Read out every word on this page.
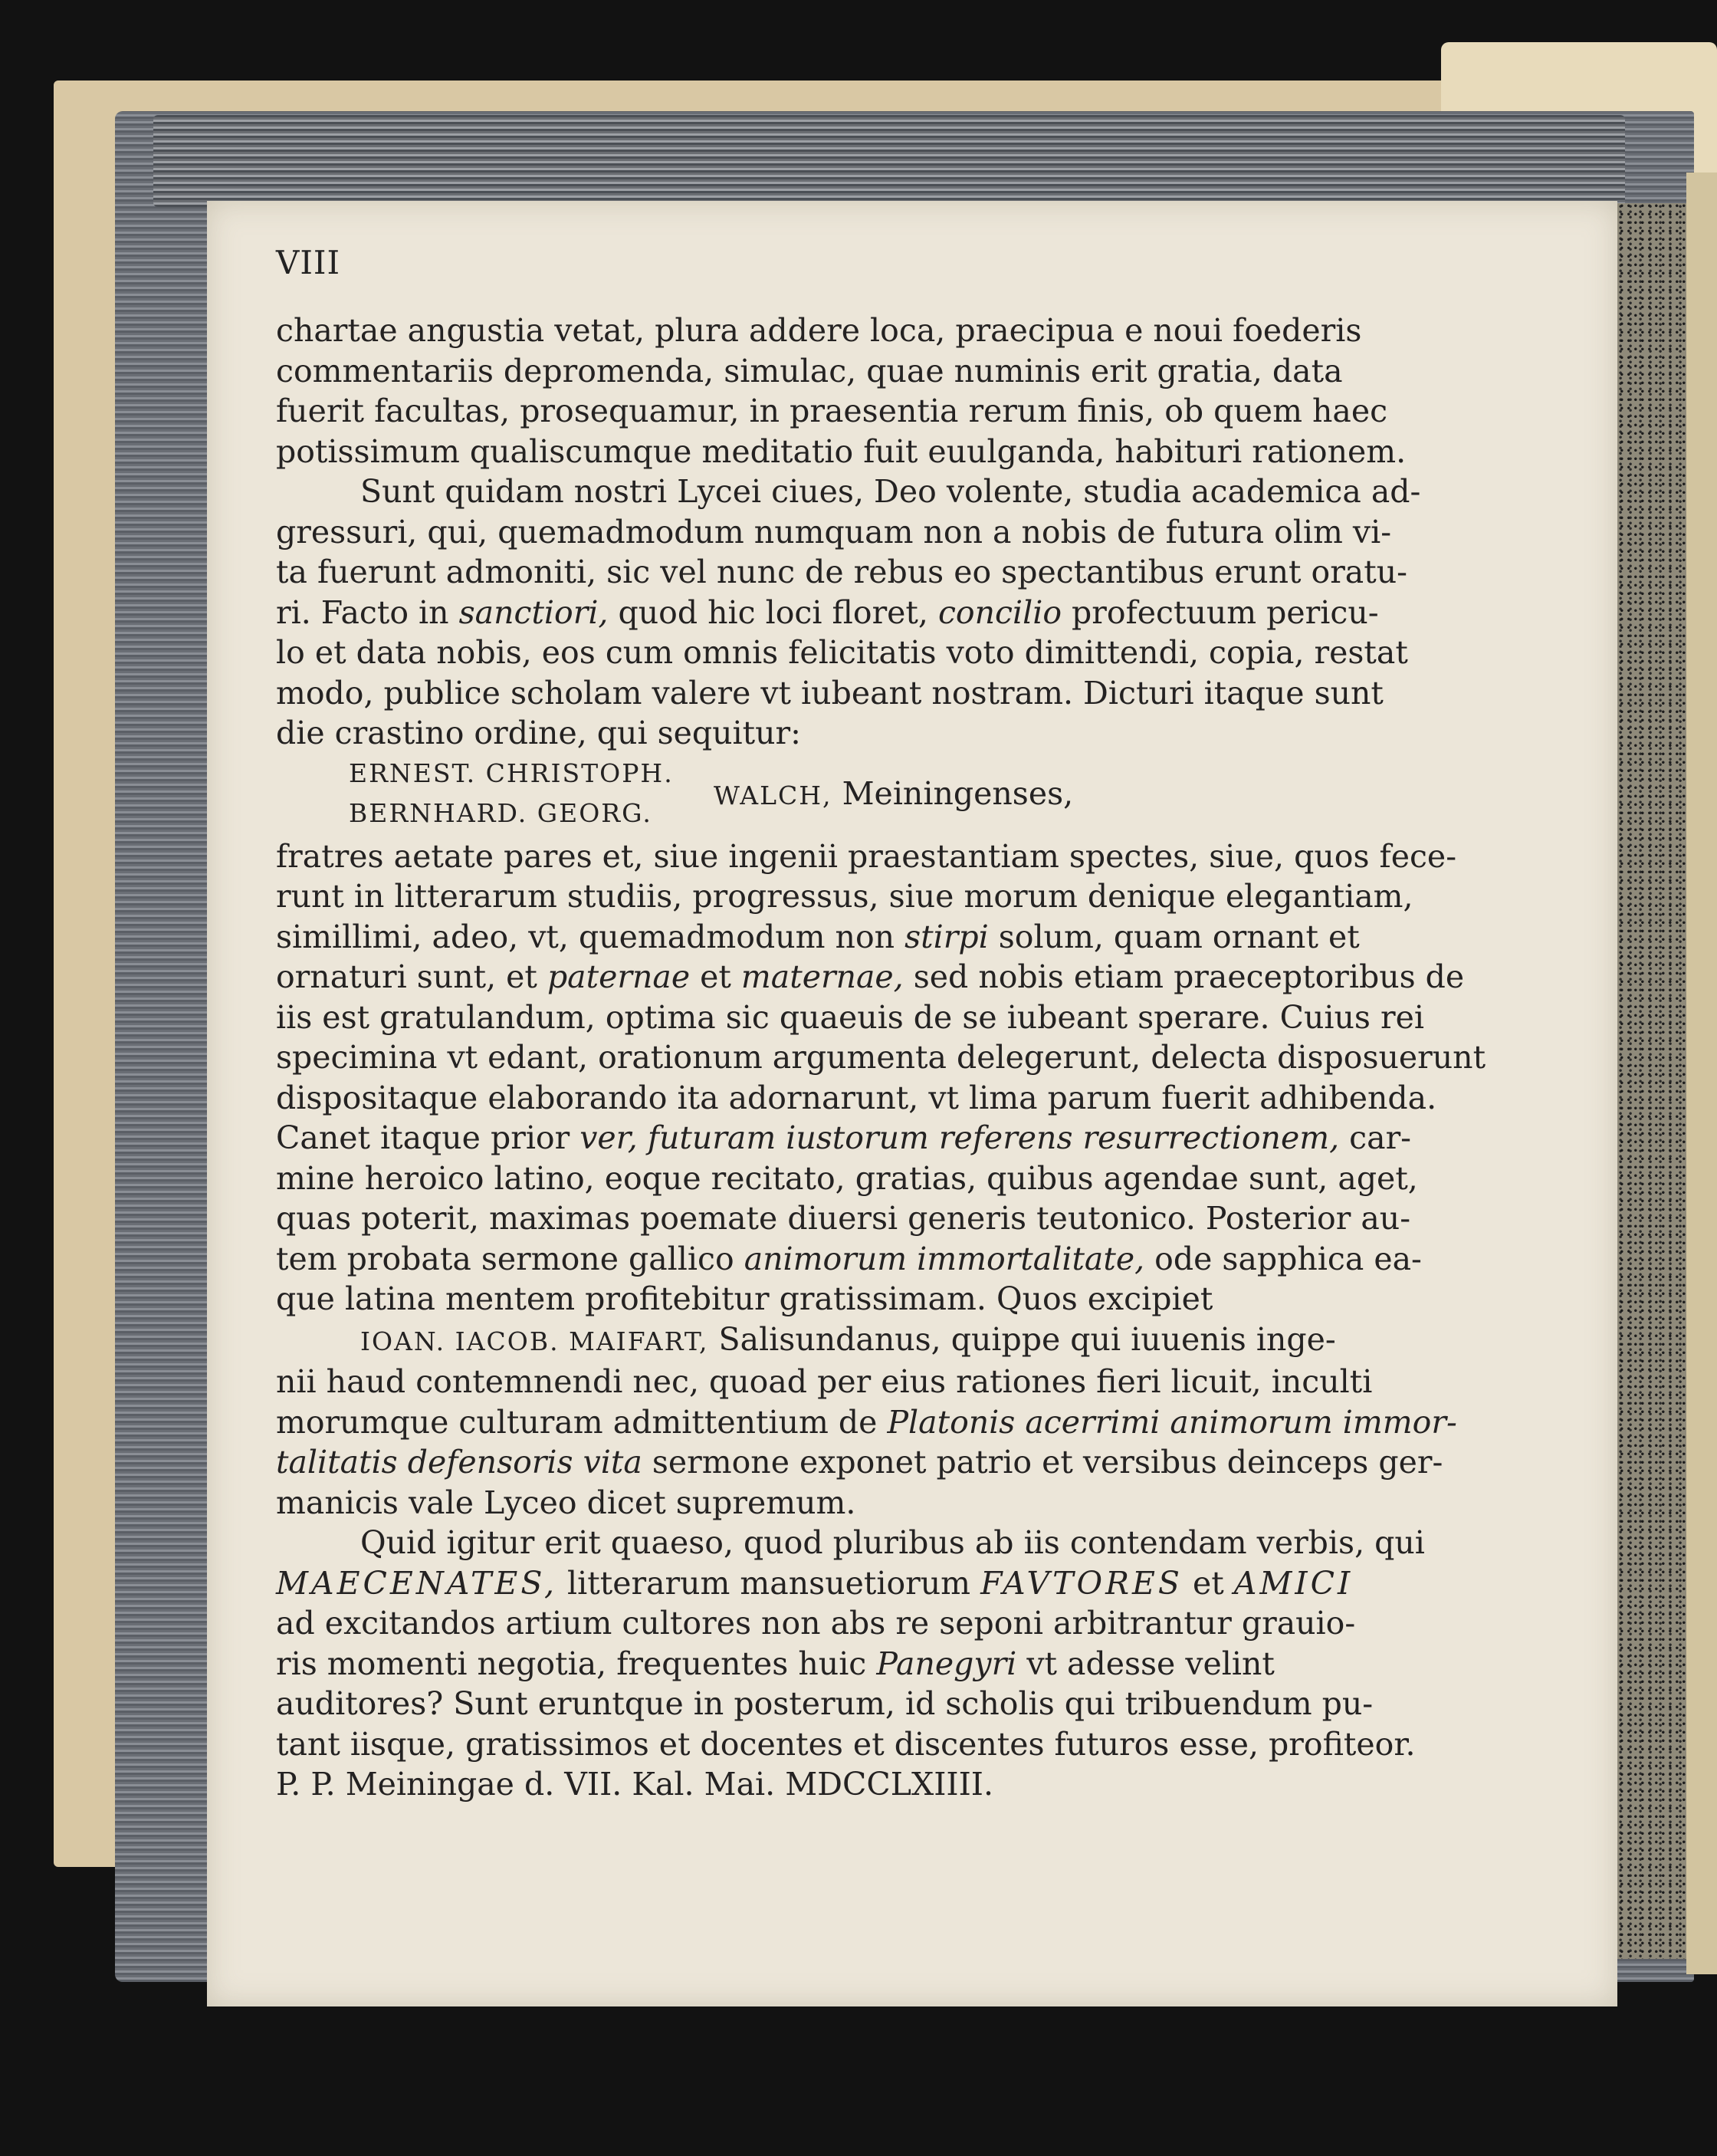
VIII

chartae angustia vetat, plura addere loca, praecipua e noui foederis
commentariis depromenda, simulac, quae numinis erit gratia, data
fuerit facultas, prosequamur, in praesentia rerum finis, ob quem haec
potissimum qualiscumque meditatio fuit euulganda, habituri rationem.

Sunt quidam nostri Lycei ciues, Deo volente, studia academica ad-
gressuri, qui, quemadmodum numquam non a nobis de futura olim vi-
ta fuerunt admoniti, sic vel nunc de rebus eo spectantibus erunt oratu-
ri. Facto in sanctiori, quod hic loci floret, concilio profectuum pericu-
lo et data nobis, eos cum omnis felicitatis voto dimittendi, copia, restat
modo, publice scholam valere vt iubeant nostram. Dicturi itaque sunt
die crastino ordine, qui sequitur:

ERNEST. CHRISTOPH.
BERNHARD. GEORG.
WALCH, Meiningenses,

fratres aetate pares et, siue ingenii praestantiam spectes, siue, quos fece-
runt in litterarum studiis, progressus, siue morum denique elegantiam,
simillimi, adeo, vt, quemadmodum non stirpi solum, quam ornant et
ornaturi sunt, et paternae et maternae, sed nobis etiam praeceptoribus de
iis est gratulandum, optima sic quaeuis de se iubeant sperare. Cuius rei
specimina vt edant, orationum argumenta delegerunt, delecta disposuerunt
dispositaque elaborando ita adornarunt, vt lima parum fuerit adhibenda.
Canet itaque prior ver, futuram iustorum referens resurrectionem, car-
mine heroico latino, eoque recitato, gratias, quibus agendae sunt, aget,
quas poterit, maximas poemate diuersi generis teutonico. Posterior au-
tem probata sermone gallico animorum immortalitate, ode sapphica ea-
que latina mentem profitebitur gratissimam. Quos excipiet

IOAN. IACOB. MAIFART, Salisundanus, quippe qui iuuenis inge-
nii haud contemnendi nec, quoad per eius rationes fieri licuit, inculti
morumque culturam admittentium de Platonis acerrimi animorum immor-
talitatis defensoris vita sermone exponet patrio et versibus deinceps ger-
manicis vale Lyceo dicet supremum.

Quid igitur erit quaeso, quod pluribus ab iis contendam verbis, qui
MAECENATES, litterarum mansuetiorum FAVTORES et AMICI
ad excitandos artium cultores non abs re seponi arbitrantur grauio-
ris momenti negotia, frequentes huic Panegyri vt adesse velint
auditores? Sunt eruntque in posterum, id scholis qui tribuendum pu-
tant iisque, gratissimos et docentes et discentes futuros esse, profiteor.
P. P. Meiningae d. VII. Kal. Mai. MDCCLXIIII.
